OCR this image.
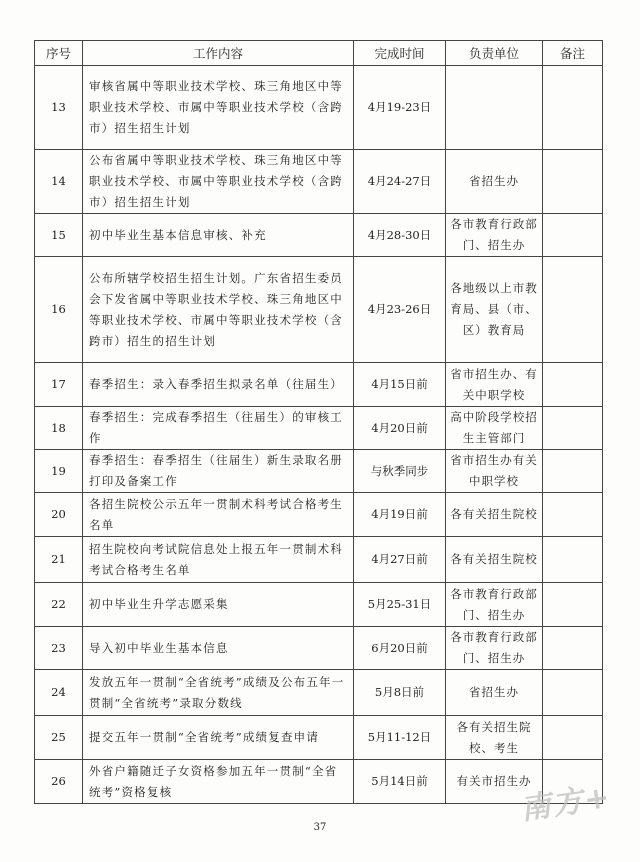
序号	工作内容	完成时间	负责单位	备注
13	审核省属中等职业技术学校、珠三角地区中等职业技术学校、市属中等职业技术学校（含跨市）招生招生计划	4月19-23日		
14	公布省属中等职业技术学校、珠三角地区中等职业技术学校、市属中等职业技术学校（含跨市）招生招生计划	4月24-27日	省招生办	
15	初中毕业生基本信息审核、补充	4月28-30日	各市教育行政部门、招生办	
16	公布所辖学校招生招生计划。广东省招生委员会下发省属中等职业技术学校、珠三角地区中等职业技术学校、市属中等职业技术学校（含跨市）招生的招生计划	4月23-26日	各地级以上市教育局、县（市、区）教育局	
17	春季招生：录入春季招生拟录名单（往届生）	4月15日前	省市招生办、有关中职学校	
18	春季招生：完成春季招生（往届生）的审核工作	4月20日前	高中阶段学校招生主管部门	
19	春季招生：春季招生（往届生）新生录取名册打印及备案工作	与秋季同步	省市招生办有关中职学校	
20	各招生院校公示五年一贯制术科考试合格考生名单	4月19日前	各有关招生院校	
21	招生院校向考试院信息处上报五年一贯制术科考试合格考生名单	4月27日前	各有关招生院校	
22	初中毕业生升学志愿采集	5月25-31日	各市教育行政部门、招生办	
23	导入初中毕业生基本信息	6月20日前	各市教育行政部门、招生办	
24	发放五年一贯制“全省统考”成绩及公布五年一贯制“全省统考”录取分数线	5月8日前	省招生办	
25	提交五年一贯制“全省统考”成绩复查申请	5月11-12日	各有关招生院校、考生	
26	外省户籍随迁子女资格参加五年一贯制“全省统考”资格复核	5月14日前	有关市招生办	
37
南方+
